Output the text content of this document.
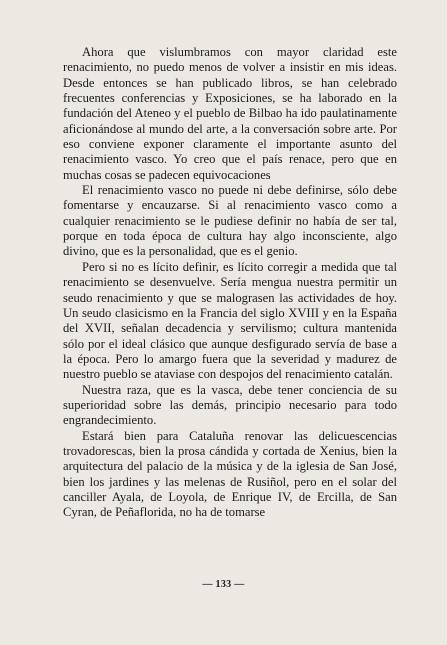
Ahora que vislumbramos con mayor claridad este renacimiento, no puedo menos de volver a insistir en mis ideas. Desde entonces se han publicado libros, se han celebrado frecuentes conferencias y Exposiciones, se ha laborado en la fundación del Ateneo y el pueblo de Bilbao ha ido paulatinamente aficionándose al mundo del arte, a la conversación sobre arte. Por eso conviene exponer claramente el importante asunto del renacimiento vasco. Yo creo que el país renace, pero que en muchas cosas se padecen equivocaciones

El renacimiento vasco no puede ni debe definirse, sólo debe fomentarse y encauzarse. Si al renacimiento vasco como a cualquier renacimiento se le pudiese definir no había de ser tal, porque en toda época de cultura hay algo inconsciente, algo divino, que es la personalidad, que es el genio.

Pero si no es lícito definir, es lícito corregir a medida que tal renacimiento se desenvuelve. Sería mengua nuestra permitir un seudo renacimiento y que se malograsen las actividades de hoy. Un seudo clasicismo en la Francia del siglo XVIII y en la España del XVII, señalan decadencia y servilismo; cultura mantenida sólo por el ideal clásico que aunque desfigurado servía de base a la época. Pero lo amargo fuera que la severidad y madurez de nuestro pueblo se ataviase con despojos del renacimiento catalán.

Nuestra raza, que es la vasca, debe tener conciencia de su superioridad sobre las demás, principio necesario para todo engrandecimiento.

Estará bien para Cataluña renovar las delicuescencias trovadorescas, bien la prosa cándida y cortada de Xenius, bien la arquitectura del palacio de la música y de la iglesia de San José, bien los jardines y las melenas de Rusiñol, pero en el solar del canciller Ayala, de Loyola, de Enrique IV, de Ercilla, de San Cyran, de Peñaflorida, no ha de tomarse

— 133 —
